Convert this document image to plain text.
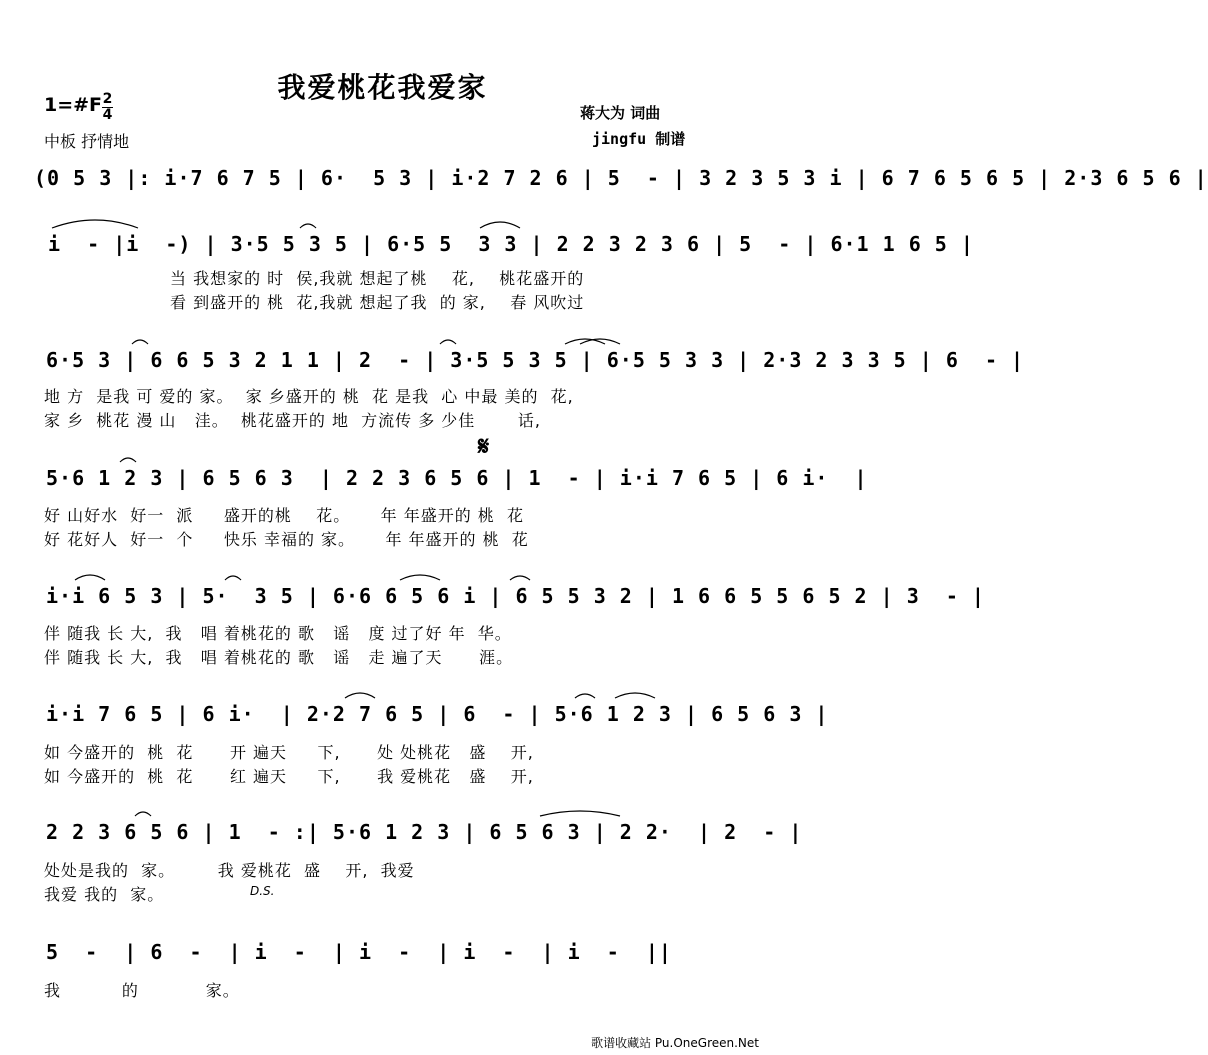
我爱桃花我爱家
1=#F 2
4
中板 抒情地
蒋大为 词曲
jingfu 制谱
(0 5 3 |: i·7 6 7 5 | 6·  5 3 | i·2 7 2 6 | 5  - | 3 2 3 5 3 i | 6 7 6 5 6 5 | 2·3 6 5 6 |
i  - |i  -) | 3·5 5 3 5 | 6·5 5  3 3 | 2 2 3 2 3 6 | 5  - | 6·1 1 6 5 |
当 我想家的 时  侯,我就 想起了桃    花,    桃花盛开的
看 到盛开的 桃  花,我就 想起了我  的 家,    春 风吹过
6·5 3 | 6 6 5 3 2 1 1 | 2  - | 3·5 5 3 5 | 6·5 5 3 3 | 2·3 2 3 3 5 | 6  - |
地 方  是我 可 爱的 家。  家 乡盛开的 桃  花 是我  心 中最 美的  花,
家 乡  桃花 漫 山   洼。  桃花盛开的 地  方流传 多 少佳       话,
𝄋
5·6 1 2 3 | 6 5 6 3  | 2 2 3 6 5 6 | 1  - | i·i 7 6 5 | 6 i·  |
好 山好水  好一  派     盛开的桃    花。     年 年盛开的 桃  花
好 花好人  好一  个     快乐 幸福的 家。     年 年盛开的 桃  花
i·i 6 5 3 | 5·  3 5 | 6·6 6 5 6 i | 6 5 5 3 2 | 1 6 6 5 5 6 5 2 | 3  - |
伴 随我 长 大,  我   唱 着桃花的 歌   谣   度 过了好 年  华。
伴 随我 长 大,  我   唱 着桃花的 歌   谣   走 遍了天      涯。
i·i 7 6 5 | 6 i·  | 2·2 7 6 5 | 6  - | 5·6 1 2 3 | 6 5 6 3 |
如 今盛开的  桃  花      开 遍天     下,      处 处桃花   盛    开,
如 今盛开的  桃  花      红 遍天     下,      我 爱桃花   盛    开,
2 2 3 6 5 6 | 1  - :| 5·6 1 2 3 | 6 5 6 3 | 2 2·  | 2  - |
处处是我的  家。       我 爱桃花  盛    开,  我爱
我爱 我的  家。	D.S.
5  -  | 6  -  | i  -  | i  -  | i  -  | i  -  ||
我          的           家。
歌谱收藏站 Pu.OneGreen.Net
